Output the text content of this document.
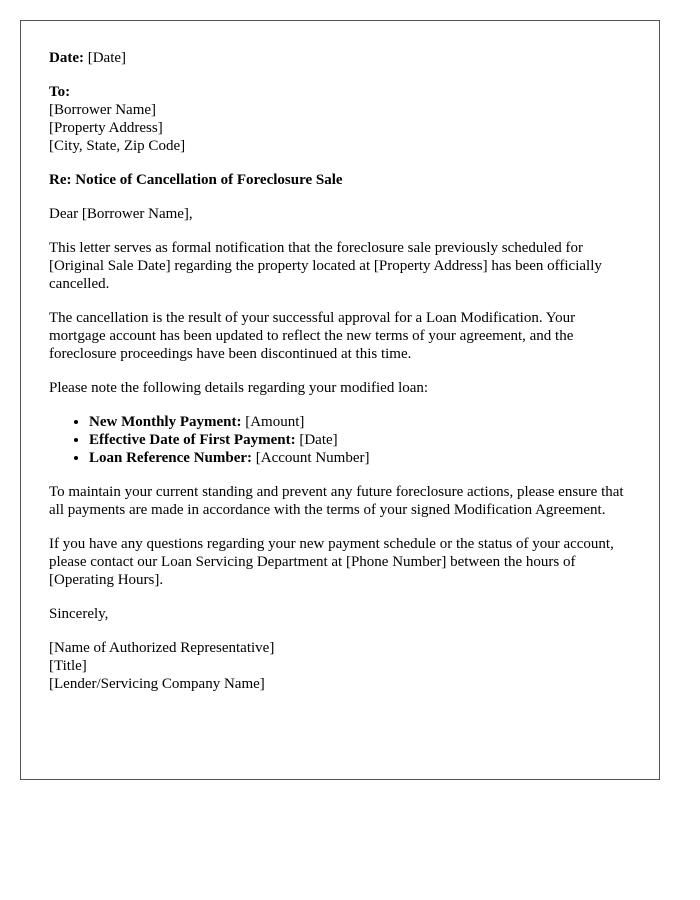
Date: [Date]

To:
[Borrower Name]
[Property Address]
[City, State, Zip Code]

Re: Notice of Cancellation of Foreclosure Sale

Dear [Borrower Name],

This letter serves as formal notification that the foreclosure sale previously scheduled for [Original Sale Date] regarding the property located at [Property Address] has been officially cancelled.

The cancellation is the result of your successful approval for a Loan Modification. Your mortgage account has been updated to reflect the new terms of your agreement, and the foreclosure proceedings have been discontinued at this time.

Please note the following details regarding your modified loan:

• New Monthly Payment: [Amount]
• Effective Date of First Payment: [Date]
• Loan Reference Number: [Account Number]

To maintain your current standing and prevent any future foreclosure actions, please ensure that all payments are made in accordance with the terms of your signed Modification Agreement.

If you have any questions regarding your new payment schedule or the status of your account, please contact our Loan Servicing Department at [Phone Number] between the hours of [Operating Hours].

Sincerely,

[Name of Authorized Representative]
[Title]
[Lender/Servicing Company Name]
